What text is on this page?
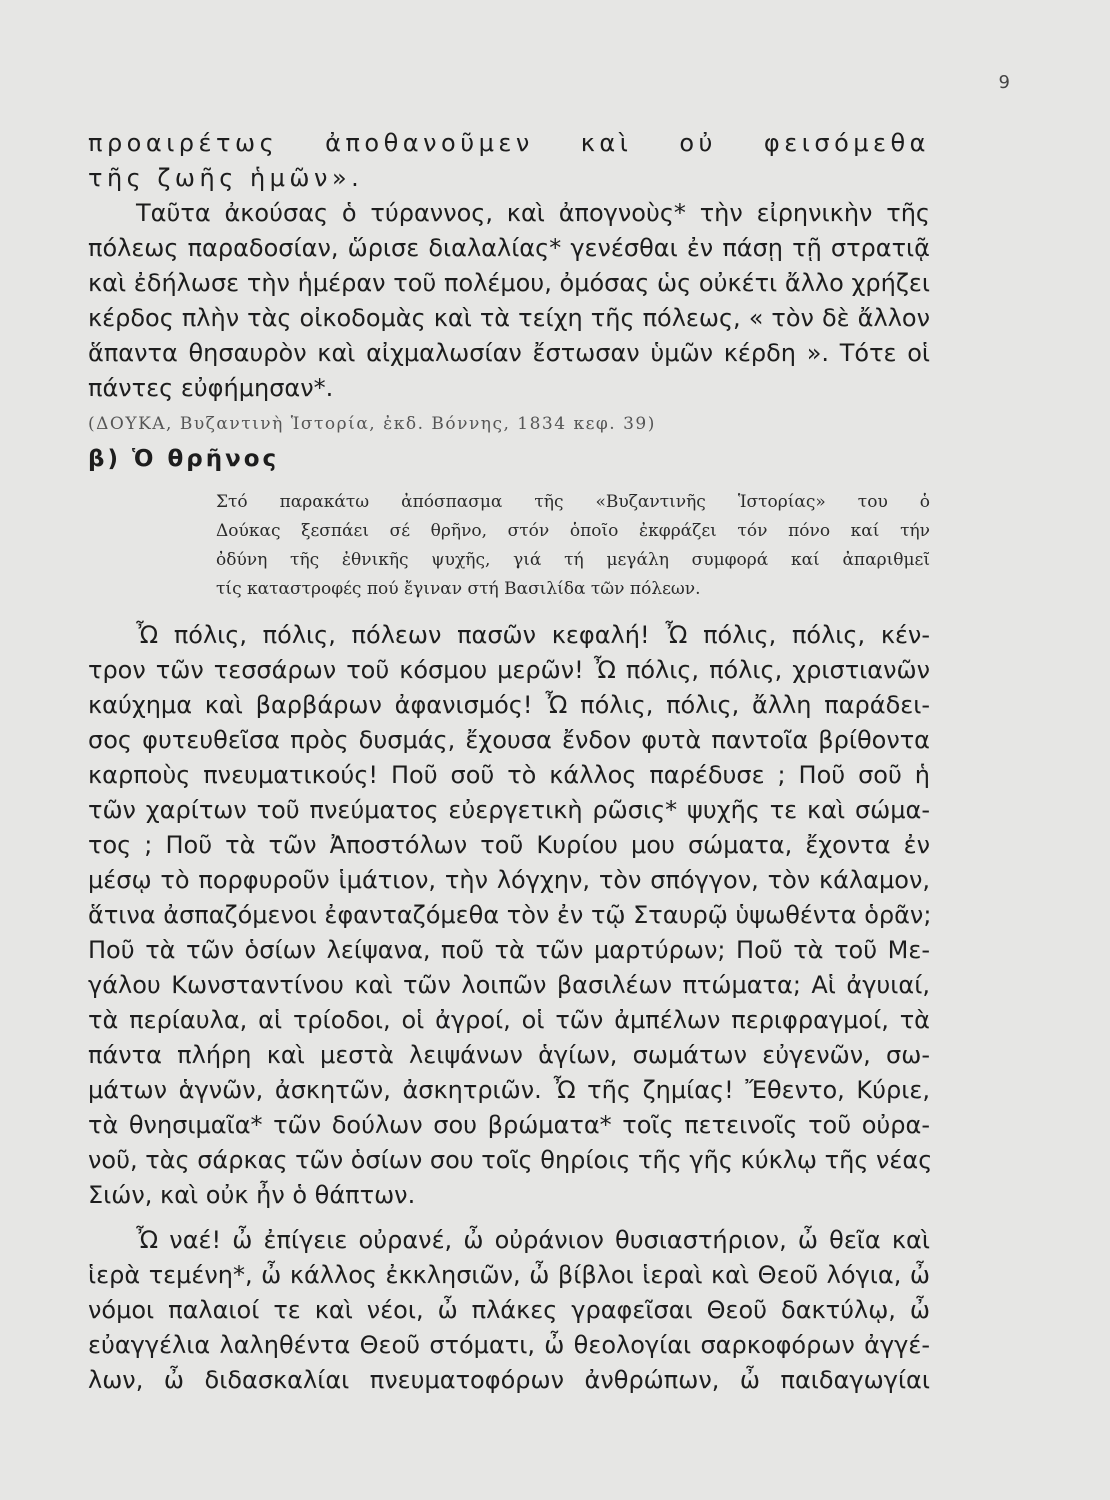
9
προαιρέτως ἀποθανοῦμεν καὶ οὐ φεισόμεθα
τῆς ζωῆς ἡμῶν».
Ταῦτα ἀκούσας ὁ τύραννος, καὶ ἀπογνοὺς* τὴν εἰρηνικὴν τῆς
πόλεως παραδοσίαν, ὥρισε διαλαλίας* γενέσθαι ἐν πάσῃ τῇ στρατιᾷ
καὶ ἐδήλωσε τὴν ἡμέραν τοῦ πολέμου, ὀμόσας ὡς οὐκέτι ἄλλο χρήζει
κέρδος πλὴν τὰς οἰκοδομὰς καὶ τὰ τείχη τῆς πόλεως, « τὸν δὲ ἄλλον
ἅπαντα θησαυρὸν καὶ αἰχμαλωσίαν ἔστωσαν ὑμῶν κέρδη ». Τότε οἱ
πάντες εὐφήμησαν*.
(ΔΟΥΚΑ, Βυζαντινὴ Ἱστορία, ἐκδ. Βόννης, 1834 κεφ. 39)
β) Ὁ θρῆνος
Στό παρακάτω ἀπόσπασμα τῆς «Βυζαντινῆς Ἱστορίας» του ὁ
Δούκας ξεσπάει σέ θρῆνο, στόν ὁποῖο ἐκφράζει τόν πόνο καί τήν
ὀδύνη τῆς ἐθνικῆς ψυχῆς, γιά τή μεγάλη συμφορά καί ἀπαριθμεῖ
τίς καταστροφές πού ἔγιναν στή Βασιλίδα τῶν πόλεων.
Ὦ πόλις, πόλις, πόλεων πασῶν κεφαλή! Ὦ πόλις, πόλις, κέν-
τρον τῶν τεσσάρων τοῦ κόσμου μερῶν! Ὦ πόλις, πόλις, χριστιανῶν
καύχημα καὶ βαρβάρων ἀφανισμός! Ὦ πόλις, πόλις, ἄλλη παράδει-
σος φυτευθεῖσα πρὸς δυσμάς, ἔχουσα ἔνδον φυτὰ παντοῖα βρίθοντα
καρποὺς πνευματικούς! Ποῦ σοῦ τὸ κάλλος παρέδυσε ; Ποῦ σοῦ ἡ
τῶν χαρίτων τοῦ πνεύματος εὐεργετικὴ ρῶσις* ψυχῆς τε καὶ σώμα-
τος ; Ποῦ τὰ τῶν Ἀποστόλων τοῦ Κυρίου μου σώματα, ἔχοντα ἐν
μέσῳ τὸ πορφυροῦν ἱμάτιον, τὴν λόγχην, τὸν σπόγγον, τὸν κάλαμον,
ἅτινα ἀσπαζόμενοι ἐφανταζόμεθα τὸν ἐν τῷ Σταυρῷ ὑψωθέντα ὁρᾶν;
Ποῦ τὰ τῶν ὁσίων λείψανα, ποῦ τὰ τῶν μαρτύρων; Ποῦ τὰ τοῦ Με-
γάλου Κωνσταντίνου καὶ τῶν λοιπῶν βασιλέων πτώματα; Αἱ ἀγυιαί,
τὰ περίαυλα, αἱ τρίοδοι, οἱ ἀγροί, οἱ τῶν ἀμπέλων περιφραγμοί, τὰ
πάντα πλήρη καὶ μεστὰ λειψάνων ἁγίων, σωμάτων εὐγενῶν, σω-
μάτων ἁγνῶν, ἀσκητῶν, ἀσκητριῶν. Ὦ τῆς ζημίας! Ἔθεντο, Κύριε,
τὰ θνησιμαῖα* τῶν δούλων σου βρώματα* τοῖς πετεινοῖς τοῦ οὐρα-
νοῦ, τὰς σάρκας τῶν ὁσίων σου τοῖς θηρίοις τῆς γῆς κύκλῳ τῆς νέας
Σιών, καὶ οὐκ ἦν ὁ θάπτων.
Ὦ ναέ! ὦ ἐπίγειε οὐρανέ, ὦ οὐράνιον θυσιαστήριον, ὦ θεῖα καὶ
ἱερὰ τεμένη*, ὦ κάλλος ἐκκλησιῶν, ὦ βίβλοι ἱεραὶ καὶ Θεοῦ λόγια, ὦ
νόμοι παλαιοί τε καὶ νέοι, ὦ πλάκες γραφεῖσαι Θεοῦ δακτύλῳ, ὦ
εὐαγγέλια λαληθέντα Θεοῦ στόματι, ὦ θεολογίαι σαρκοφόρων ἀγγέ-
λων, ὦ διδασκαλίαι πνευματοφόρων ἀνθρώπων, ὦ παιδαγωγίαι
